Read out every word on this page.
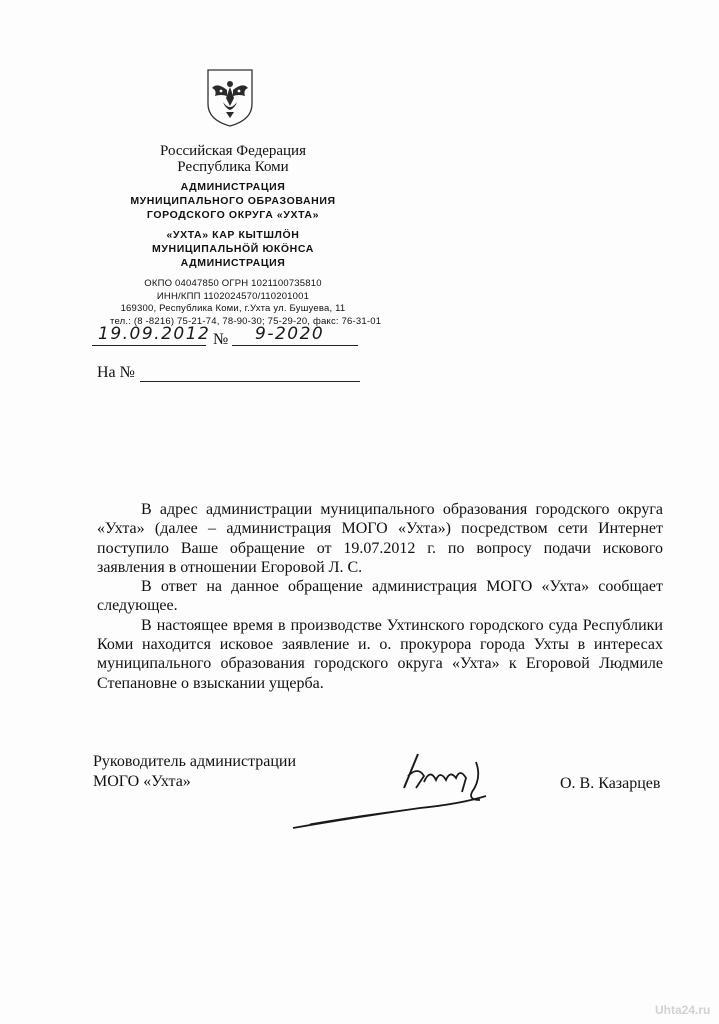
Российская Федерация
Республика Коми
АДМИНИСТРАЦИЯ
МУНИЦИПАЛЬНОГО ОБРАЗОВАНИЯ
ГОРОДСКОГО ОКРУГА «УХТА»
«УХТА» КАР КЫТШЛӦН
МУНИЦИПАЛЬНӦЙ ЮКӦНСА
АДМИНИСТРАЦИЯ
ОКПО 04047850 ОГРН 1021100735810
ИНН/КПП 1102024570/110201001
169300, Республика Коми, г.Ухта ул. Бушуева, 11
тел.: (8 -8216) 75-21-74, 78-90-30; 75-29-20, факс: 76-31-01
19.09.2012 № 9-2020
На №

В адрес администрации муниципального образования городского округа «Ухта» (далее – администрация МОГО «Ухта») посредством сети Интернет поступило Ваше обращение от 19.07.2012 г. по вопросу подачи искового заявления в отношении Егоровой Л. С.

В ответ на данное обращение администрация МОГО «Ухта» сообщает следующее.

В настоящее время в производстве Ухтинского городского суда Республики Коми находится исковое заявление и. о. прокурора города Ухты в интересах муниципального образования городского округа «Ухта» к Егоровой Людмиле Степановне о взыскании ущерба.

Руководитель администрации
МОГО «Ухта»	О. В. Казарцев
Uhta24.ru
